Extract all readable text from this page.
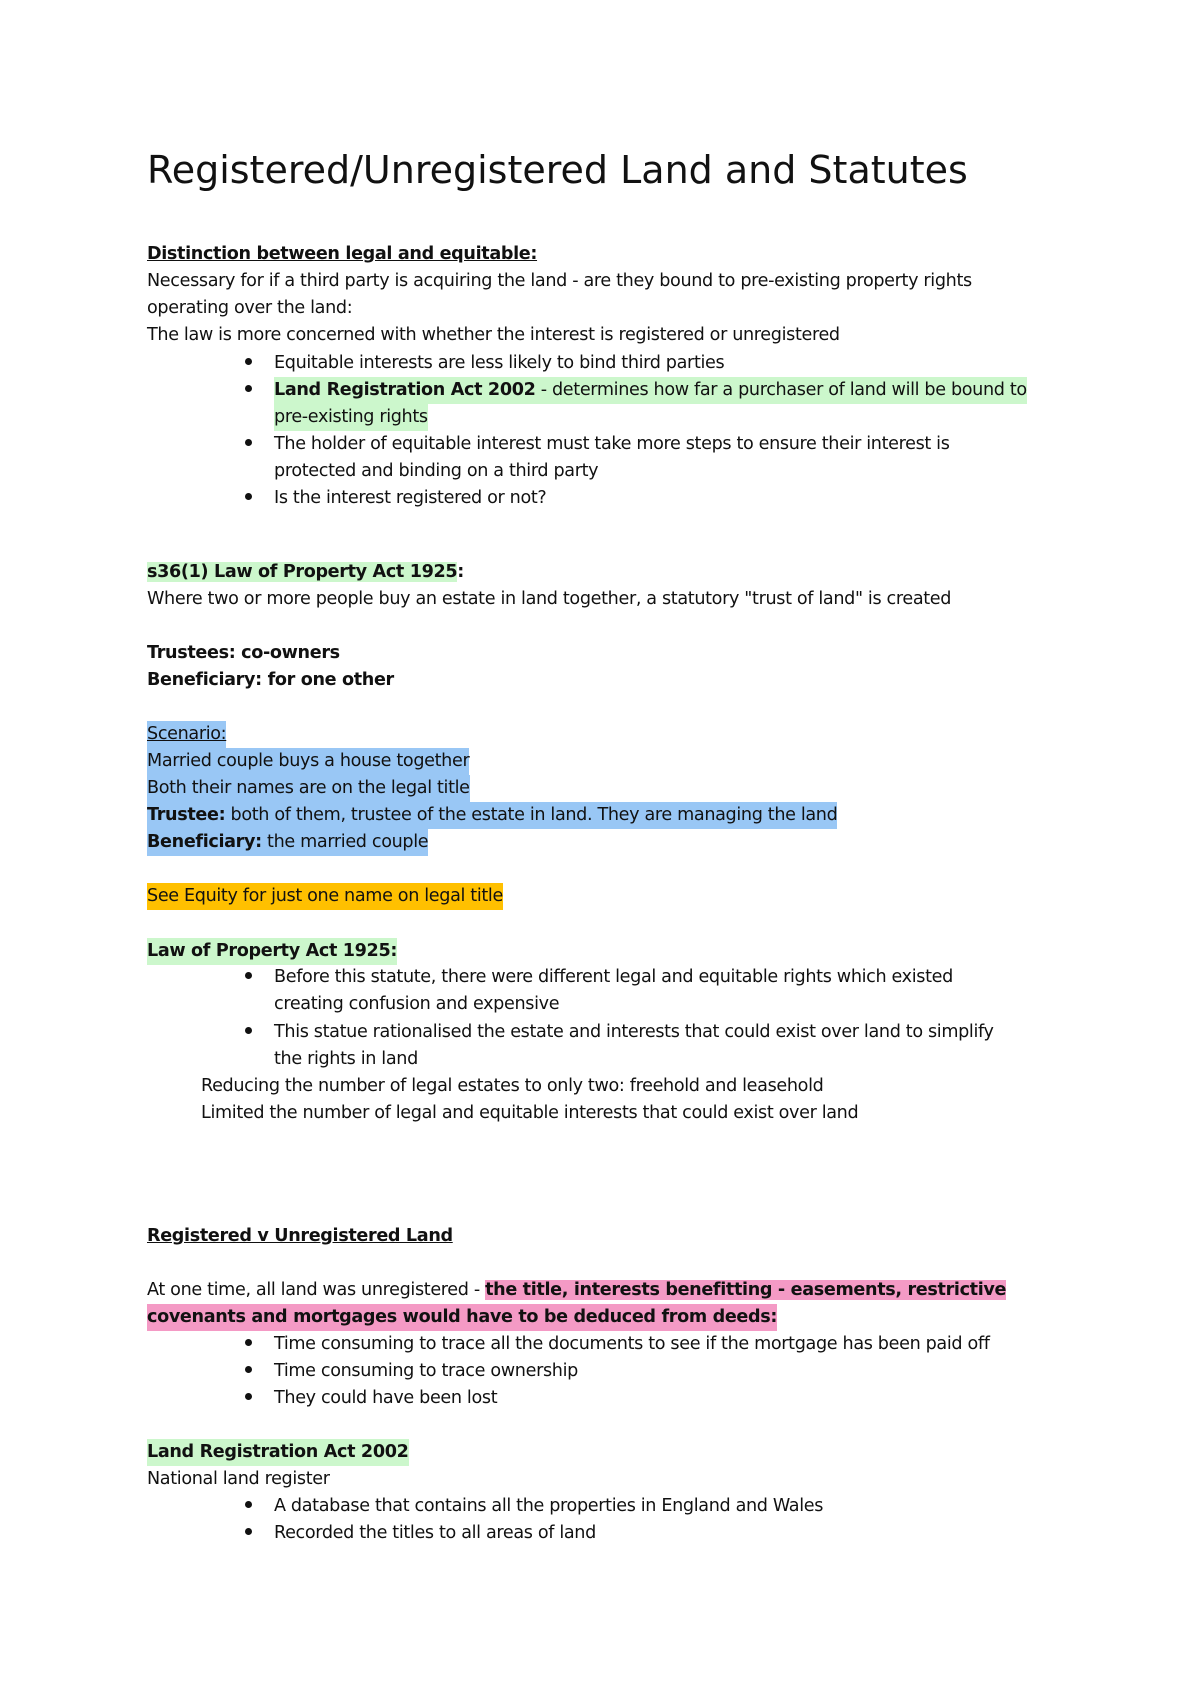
Registered/Unregistered Land and Statutes
Distinction between legal and equitable:
Necessary for if a third party is acquiring the land - are they bound to pre-existing property rights
operating over the land:
The law is more concerned with whether the interest is registered or unregistered
Equitable interests are less likely to bind third parties
Land Registration Act 2002 - determines how far a purchaser of land will be bound to
pre-existing rights
The holder of equitable interest must take more steps to ensure their interest is
protected and binding on a third party
Is the interest registered or not?
s36(1) Law of Property Act 1925:
Where two or more people buy an estate in land together, a statutory "trust of land" is created
Trustees: co-owners
Beneficiary: for one other
Scenario:
Married couple buys a house together
Both their names are on the legal title
Trustee: both of them, trustee of the estate in land. They are managing the land
Beneficiary: the married couple
See Equity for just one name on legal title
Law of Property Act 1925:
Before this statute, there were different legal and equitable rights which existed
creating confusion and expensive
This statue rationalised the estate and interests that could exist over land to simplify
the rights in land
Reducing the number of legal estates to only two: freehold and leasehold
Limited the number of legal and equitable interests that could exist over land
Registered v Unregistered Land
At one time, all land was unregistered - the title, interests benefitting - easements, restrictive
covenants and mortgages would have to be deduced from deeds:
Time consuming to trace all the documents to see if the mortgage has been paid off
Time consuming to trace ownership
They could have been lost
Land Registration Act 2002
National land register
A database that contains all the properties in England and Wales
Recorded the titles to all areas of land
